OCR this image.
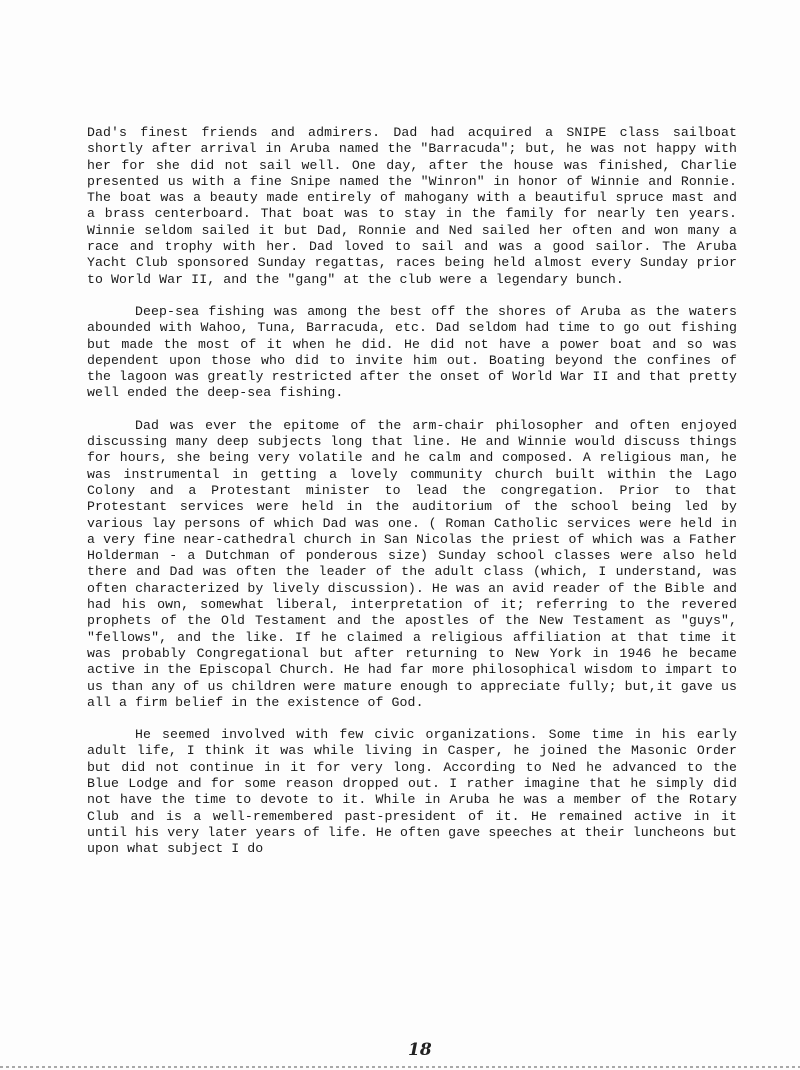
Dad's finest friends and admirers. Dad had acquired a SNIPE class sailboat shortly after arrival in Aruba named the "Barracuda"; but, he was not happy with her for she did not sail well. One day, after the house was finished, Charlie presented us with a fine Snipe named the "Winron" in honor of Winnie and Ronnie. The boat was a beauty made entirely of mahogany with a beautiful spruce mast and a brass centerboard. That boat was to stay in the family for nearly ten years. Winnie seldom sailed it but Dad, Ronnie and Ned sailed her often and won many a race and trophy with her. Dad loved to sail and was a good sailor. The Aruba Yacht Club sponsored Sunday regattas, races being held almost every Sunday prior to World War II, and the "gang" at the club were a legendary bunch.

Deep-sea fishing was among the best off the shores of Aruba as the waters abounded with Wahoo, Tuna, Barracuda, etc. Dad seldom had time to go out fishing but made the most of it when he did. He did not have a power boat and so was dependent upon those who did to invite him out. Boating beyond the confines of the lagoon was greatly restricted after the onset of World War II and that pretty well ended the deep-sea fishing.

Dad was ever the epitome of the arm-chair philosopher and often enjoyed discussing many deep subjects long that line. He and Winnie would discuss things for hours, she being very volatile and he calm and composed. A religious man, he was instrumental in getting a lovely community church built within the Lago Colony and a Protestant minister to lead the congregation. Prior to that Protestant services were held in the auditorium of the school being led by various lay persons of which Dad was one. ( Roman Catholic services were held in a very fine near-cathedral church in San Nicolas the priest of which was a Father Holderman - a Dutchman of ponderous size) Sunday school classes were also held there and Dad was often the leader of the adult class (which, I understand, was often characterized by lively discussion). He was an avid reader of the Bible and had his own, somewhat liberal, interpretation of it; referring to the revered prophets of the Old Testament and the apostles of the New Testament as "guys", "fellows", and the like. If he claimed a religious affiliation at that time it was probably Congregational but after returning to New York in 1946 he became active in the Episcopal Church. He had far more philosophical wisdom to impart to us than any of us children were mature enough to appreciate fully; but,it gave us all a firm belief in the existence of God.

He seemed involved with few civic organizations. Some time in his early adult life, I think it was while living in Casper, he joined the Masonic Order but did not continue in it for very long. According to Ned he advanced to the Blue Lodge and for some reason dropped out. I rather imagine that he simply did not have the time to devote to it. While in Aruba he was a member of the Rotary Club and is a well-remembered past-president of it. He remained active in it until his very later years of life. He often gave speeches at their luncheons but upon what subject I do

18
